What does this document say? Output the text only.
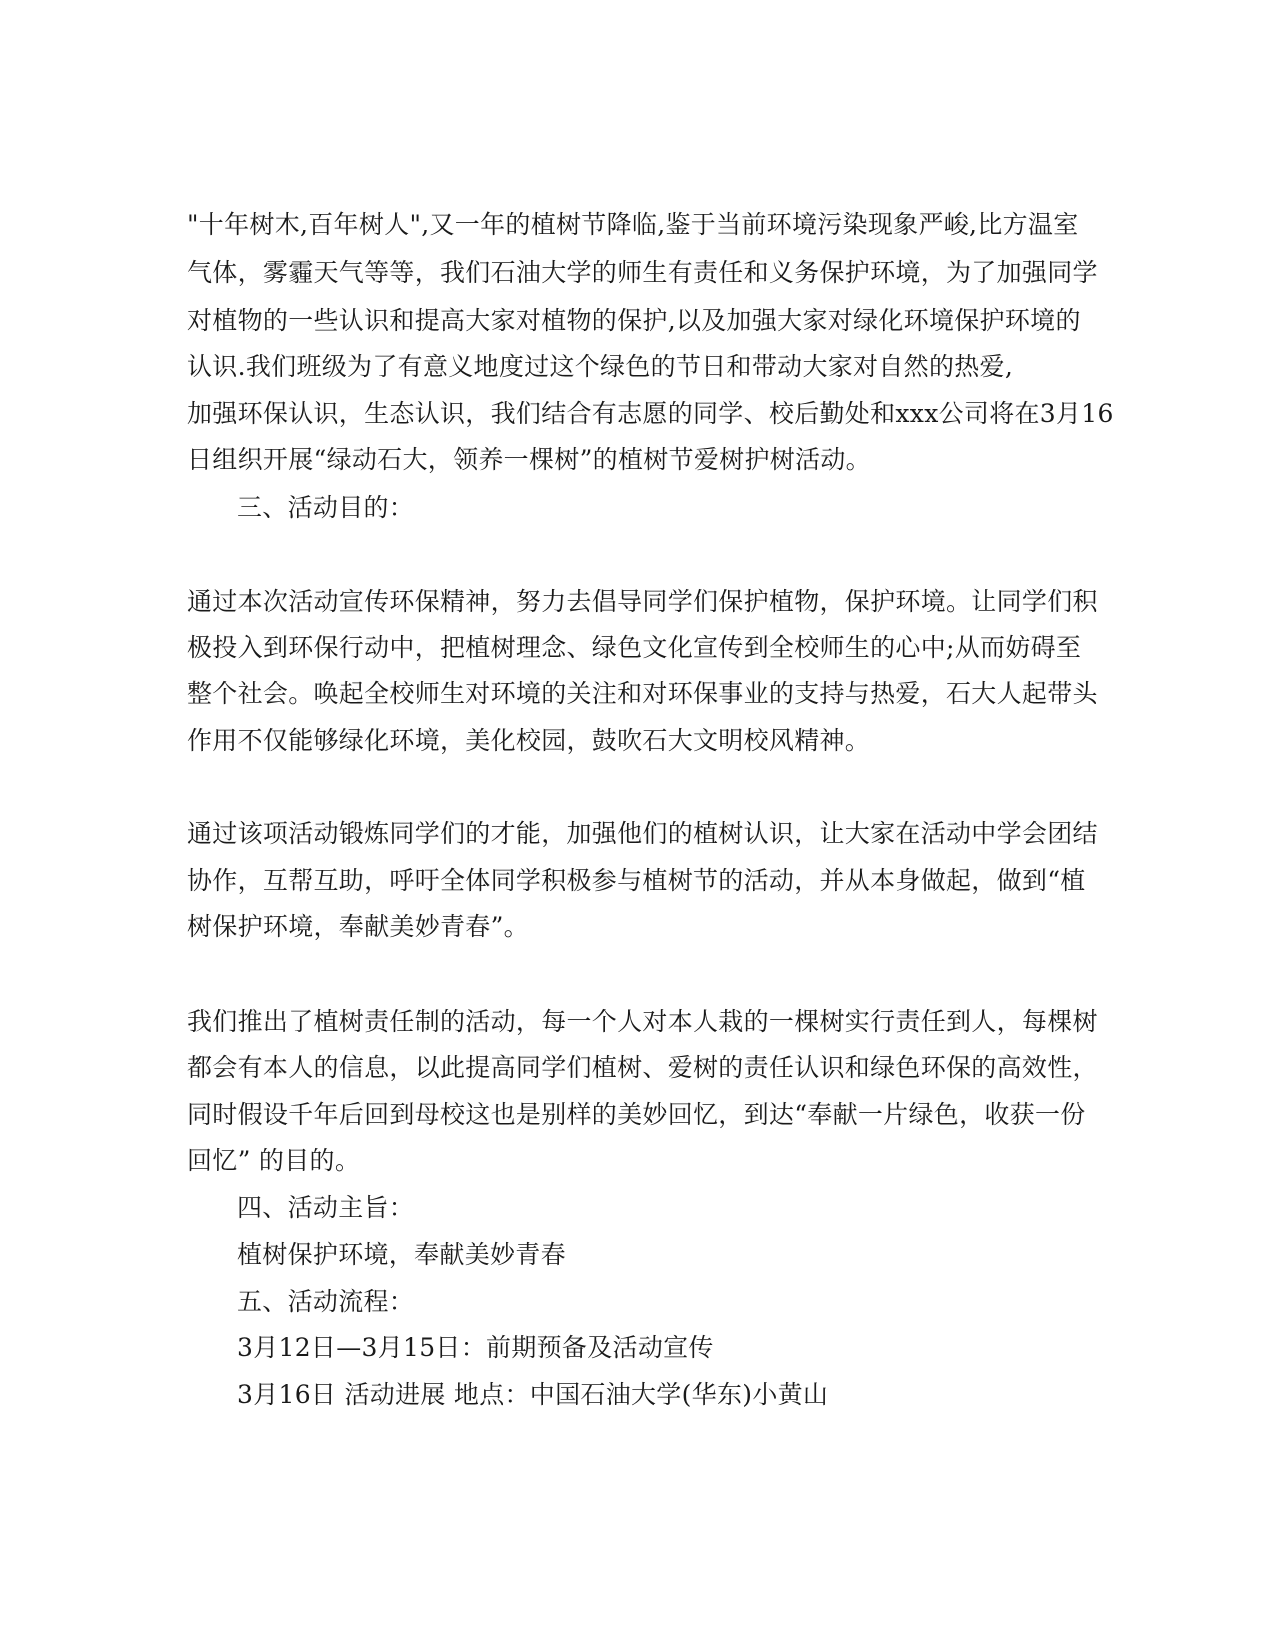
"十年树木,百年树人",又一年的植树节降临,鉴于当前环境污染现象严峻,比方温室
气体，雾霾天气等等，我们石油大学的师生有责任和义务保护环境，为了加强同学
对植物的一些认识和提高大家对植物的保护,以及加强大家对绿化环境保护环境的
认识.我们班级为了有意义地度过这个绿色的节日和带动大家对自然的热爱,
加强环保认识，生态认识，我们结合有志愿的同学、校后勤处和xxx公司将在3月16
日组织开展“绿动石大，领养一棵树”的植树节爱树护树活动。
三、活动目的：
通过本次活动宣传环保精神，努力去倡导同学们保护植物，保护环境。让同学们积
极投入到环保行动中，把植树理念、绿色文化宣传到全校师生的心中;从而妨碍至
整个社会。唤起全校师生对环境的关注和对环保事业的支持与热爱，石大人起带头
作用不仅能够绿化环境，美化校园，鼓吹石大文明校风精神。
通过该项活动锻炼同学们的才能，加强他们的植树认识，让大家在活动中学会团结
协作，互帮互助，呼吁全体同学积极参与植树节的活动，并从本身做起，做到“植
树保护环境，奉献美妙青春”。
我们推出了植树责任制的活动，每一个人对本人栽的一棵树实行责任到人，每棵树
都会有本人的信息，以此提高同学们植树、爱树的责任认识和绿色环保的高效性，
同时假设千年后回到母校这也是别样的美妙回忆，到达“奉献一片绿色，收获一份
回忆” 的目的。
四、活动主旨：
植树保护环境，奉献美妙青春
五、活动流程：
3月12日—3月15日：前期预备及活动宣传
3月16日 活动进展 地点：中国石油大学(华东)小黄山
